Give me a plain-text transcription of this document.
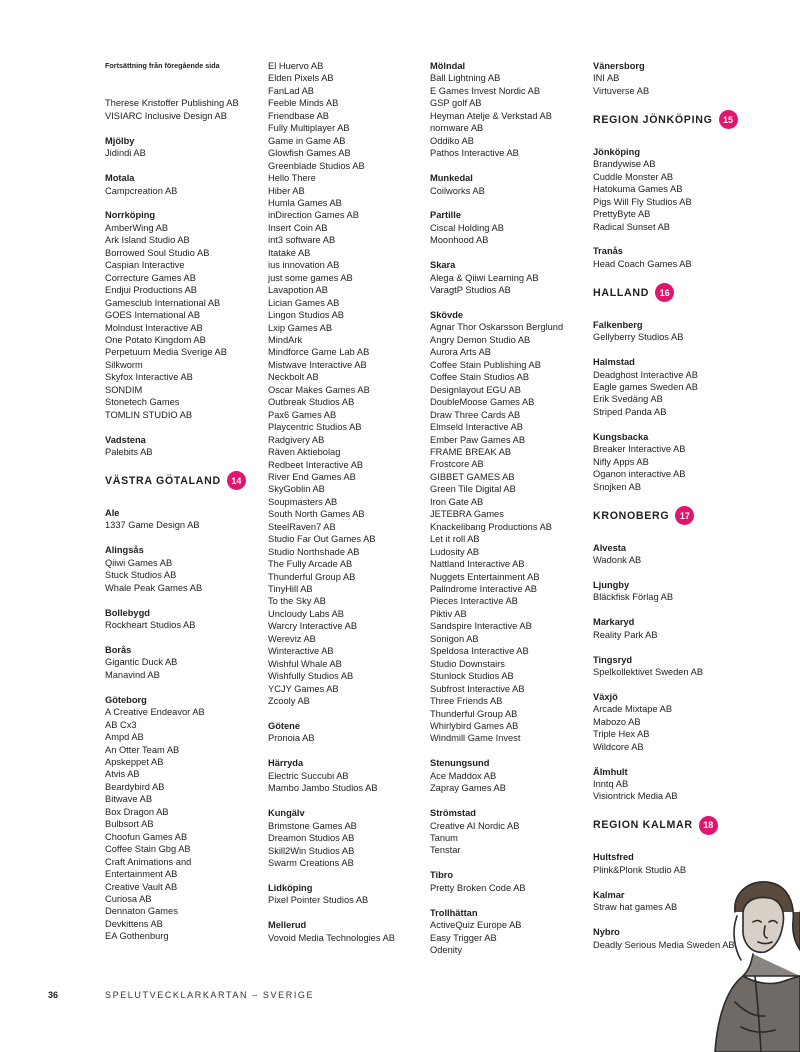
Fortsättning från föregående sida
Therese Kristoffer Publishing AB
VISIARC Inclusive Design AB
Mjölby
Jidindi AB
Motala
Campcreation AB
Norrköping
AmberWing AB
Ark Island Studio AB
Borrowed Soul Studio AB
Caspian Interactive
Correcture Games AB
Endjui Productions AB
Gamesclub International AB
GOES International AB
Molndust Interactive AB
One Potato Kingdom AB
Perpetuum Media Sverige AB
Silkworm
Skyfox Interactive AB
SONDIM
Stonetech Games
TOMLIN STUDIO AB
Vadstena
Palebits AB
VÄSTRA GÖTALAND	14
Ale
1337 Game Design AB
Alingsås
Qiiwi Games AB
Stuck Studios AB
Whale Peak Games AB
Bollebygd
Rockheart Studios AB
Borås
Gigantic Duck AB
Manavind AB
Göteborg
A Creative Endeavor AB
AB Cx3
Ampd AB
An Otter Team AB
Apskeppet AB
Atvis AB
Beardybird AB
Bitwave AB
Box Dragon AB
Bulbsort AB
Choofun Games AB
Coffee Stain Gbg AB
Craft Animations and Entertainment AB
Creative Vault AB
Curiosa AB
Dennaton Games
Devkittens AB
EA Gothenburg
El Huervo AB
Elden Pixels AB
FanLad AB
Feeble Minds AB
Friendbase AB
Fully Multiplayer AB
Game in Game AB
Glowfish Games AB
Greenblade Studios AB
Hello There
Hiber AB
Humla Games AB
inDirection Games AB
Insert Coin AB
int3 software AB
Itatake AB
ius innovation AB
just some games AB
Lavapotion AB
Lician Games AB
Lingon Studios AB
Lxip Games AB
MindArk
Mindforce Game Lab AB
Mistwave Interactive AB
Neckbolt AB
Oscar Makes Games AB
Outbreak Studios AB
Pax6 Games AB
Playcentric Studios AB
Radgivery AB
Räven Aktiebolag
Redbeet Interactive AB
River End Games AB
SkyGoblin AB
Soupmasters AB
South North Games AB
SteelRaven7 AB
Studio Far Out Games AB
Studio Northshade AB
The Fully Arcade AB
Thunderful Group AB
TinyHill AB
To the Sky AB
Uncloudy Labs AB
Warcry Interactive AB
Wereviz AB
Winteractive AB
Wishful Whale AB
Wishfully Studios AB
YCJY Games AB
Zcooly AB
Götene
Pronoia AB
Härryda
Electric Succubi AB
Mambo Jambo Studios AB
Kungälv
Brimstone Games AB
Dreamon Studios AB
Skill2Win Studios AB
Swarm Creations AB
Lidköping
Pixel Pointer Studios AB
Mellerud
Vovoid Media Technologies AB
Mölndal
Ball Lightning AB
E Games Invest Nordic AB
GSP golf AB
Heyman Atelje & Verkstad AB
nornware AB
Oddiko AB
Pathos Interactive AB
Munkedal
Coilworks AB
Partille
Ciscal Holding AB
Moonhood AB
Skara
Alega & Qiiwi Learning AB
VaragtP Studios AB
Skövde
Agnar Thor Oskarsson Berglund
Angry Demon Studio AB
Aurora Arts AB
Coffee Stain Publishing AB
Coffee Stain Studios AB
Designlayout EGU AB
DoubleMoose Games AB
Draw Three Cards AB
Elmseld Interactive AB
Ember Paw Games AB
FRAME BREAK AB
Frostcore AB
GIBBET GAMES AB
Green Tile Digital AB
Iron Gate AB
JETEBRA Games
Knackelibang Productions AB
Let it roll AB
Ludosity AB
Nattland Interactive AB
Nuggets Entertainment AB
Palindrome Interactive AB
Pieces Interactive AB
Piktiv AB
Sandspire Interactive AB
Sonigon AB
Speldosa Interactive AB
Studio Downstairs
Stunlock Studios AB
Subfrost Interactive AB
Three Friends AB
Thunderful Group AB
Whirlybird Games AB
Windmill Game Invest
Stenungsund
Ace Maddox AB
Zapray Games AB
Strömstad
Creative AI Nordic AB
Tanum
Tenstar
Tibro
Pretty Broken Code AB
Trollhättan
ActiveQuiz Europe AB
Easy Trigger AB
Odenity
Vänersborg
INI AB
Virtuverse AB
REGION JÖNKÖPING	15
Jönköping
Brandywise AB
Cuddle Monster AB
Hatokuma Games AB
Pigs Will Fly Studios AB
PrettyByte AB
Radical Sunset AB
Tranås
Head Coach Games AB
HALLAND	16
Falkenberg
Gellyberry Studios AB
Halmstad
Deadghost Interactive AB
Eagle games Sweden AB
Erik Svedäng AB
Striped Panda AB
Kungsbacka
Breaker Interactive AB
Nifly Apps AB
Oganon interactive AB
Snojken AB
KRONOBERG	17
Alvesta
Wadonk AB
Ljungby
Bläckfisk Förlag AB
Markaryd
Reality Park AB
Tingsryd
Spelkollektivet Sweden AB
Växjö
Arcade Mixtape AB
Mabozo AB
Triple Hex AB
Wildcore AB
Älmhult
Inntq AB
Visiontrick Media AB
REGION KALMAR	18
Hultsfred
Plink&Plonk Studio AB
Kalmar
Straw hat games AB
Nybro
Deadly Serious Media Sweden AB
36	SPELUTVECKLARKARTAN – SVERIGE
